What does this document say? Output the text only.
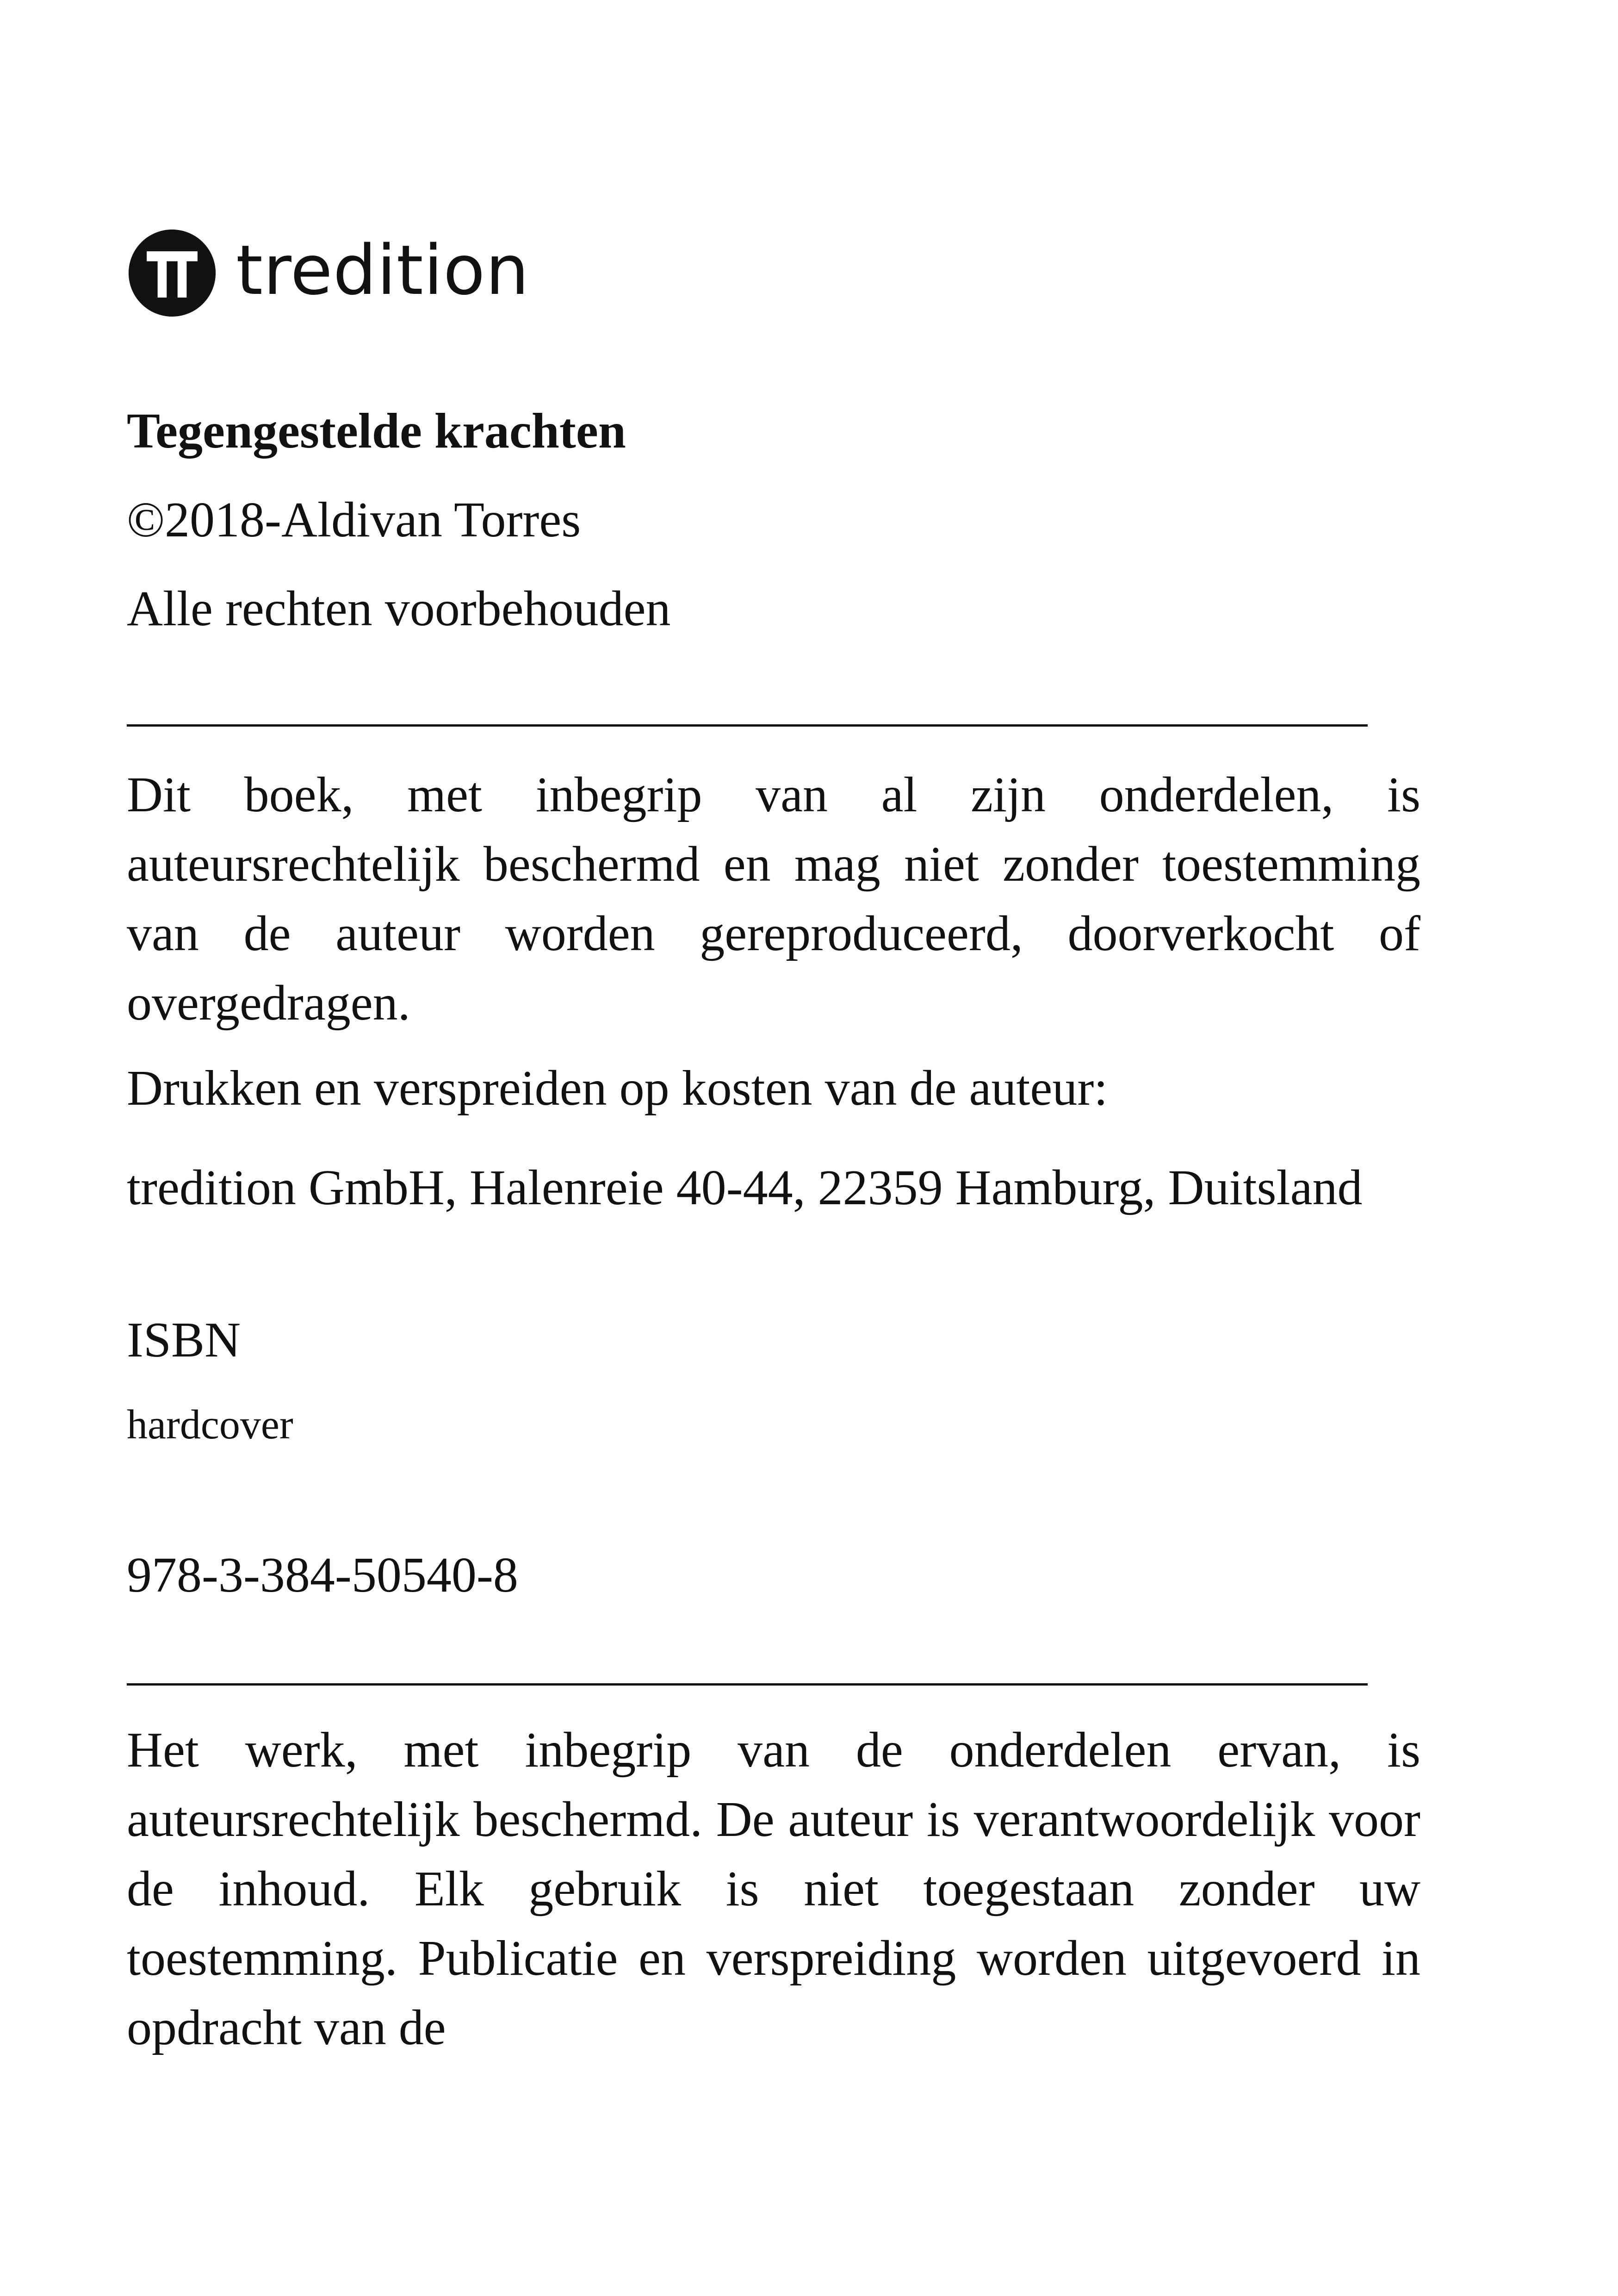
tredition
Tegengestelde krachten
©2018-Aldivan Torres
Alle rechten voorbehouden
Dit boek, met inbegrip van al zijn onderdelen, is auteursrechtelijk beschermd en mag niet zonder toestemming van de auteur worden gereproduceerd, doorverkocht of overgedragen.
Drukken en verspreiden op kosten van de auteur:
tredition GmbH, Halenreie 40-44, 22359 Hamburg, Duitsland
ISBN
hardcover
978-3-384-50540-8
Het werk, met inbegrip van de onderdelen ervan, is auteursrechtelijk beschermd. De auteur is verantwoordelijk voor de inhoud. Elk gebruik is niet toegestaan zonder uw toestemming. Publicatie en verspreiding worden uitgevoerd in opdracht van de
